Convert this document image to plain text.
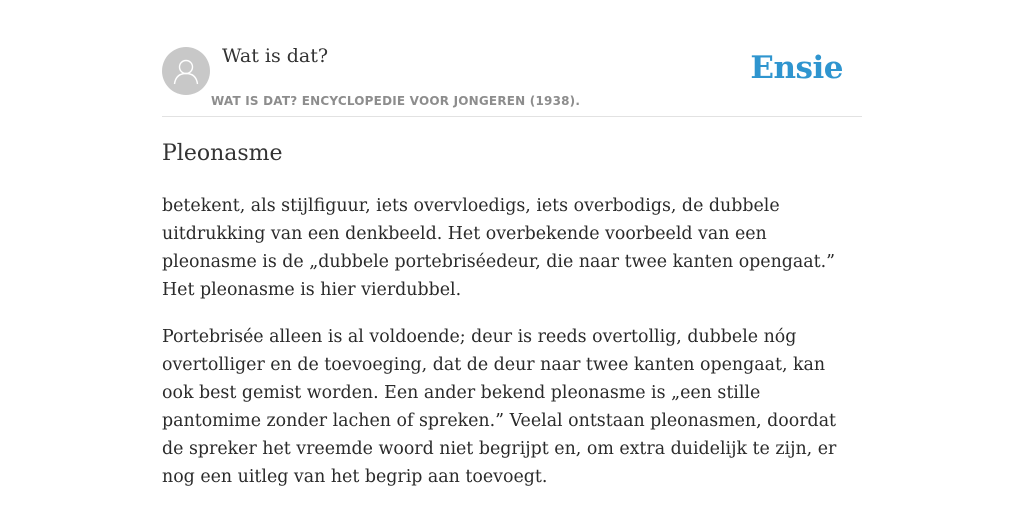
Wat is dat?
WAT IS DAT? ENCYCLOPEDIE VOOR JONGEREN (1938).
Ensie
Pleonasme

betekent, als stijlfiguur, iets overvloedigs, iets overbodigs, de dubbele uitdrukking van een denkbeeld. Het overbekende voorbeeld van een pleonasme is de „dubbele portebriséedeur, die naar twee kanten opengaat.” Het pleonasme is hier vierdubbel.

Portebrisée alleen is al voldoende; deur is reeds overtollig, dubbele nóg overtolliger en de toevoeging, dat de deur naar twee kanten opengaat, kan ook best gemist worden. Een ander bekend pleonasme is „een stille pantomime zonder lachen of spreken.” Veelal ontstaan pleonasmen, doordat de spreker het vreemde woord niet begrijpt en, om extra duidelijk te zijn, er nog een uitleg van het begrip aan toevoegt.
